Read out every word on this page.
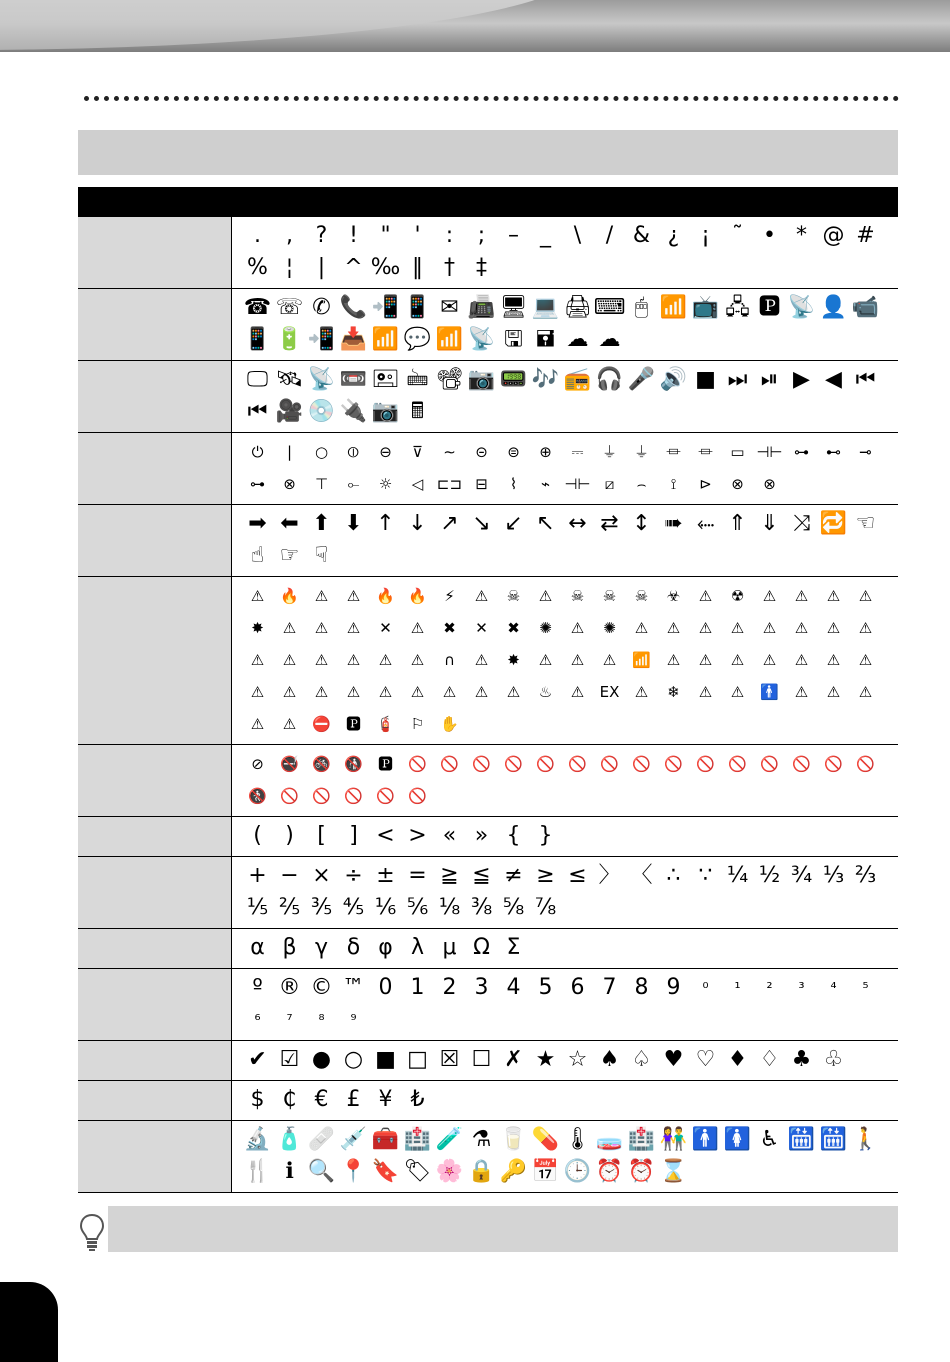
	. , ? ! " ' : ; – _ \ / & ¿ ¡ ˜ • * @ #% ¦ | ^ ‰ ‖ † ‡
	☎ ☏ ✆ 📞 📲 📱 ✉ 📠 🖥 💻 🖨⌨ 🖱 📶 📺 🖧 🅿 📡 👤 📹📱 🔋 📲 📥 📶 💬 📶 📡 🖫 🖬 ☁ ☁
	🖵 🛰 📡 📼 🖭 🖮 📽 📷 📟 🎶 📻 🎧 🎤 🔊 ■ ⏭ ⏯ ▶ ◀ ⏮⏮ 🎥 💿 🔌 📷 🖩
	⏻ | ○ ⦶ ⊖ ⊽ ∼ ⊝ ⊜ ⊕ ⎓ ⏚ ⏚ ⏛ ⏛ ▭ ⊣⊢ ⊶ ⊷ ⊸⊶ ⊗ ⊤ ⟜ ☼ ◁ ⊏⊐ ⊟ ⌇ ⌁ ⊣⊢ ⧄ ⌢ ⟟ ⊳ ⊗ ⊗
	➡ ⬅ ⬆ ⬇ ↑ ↓ ↗ ↘ ↙ ↖ ↔ ⇄ ↕ ➠ ⬸ ⇑ ⇓ ⤨ 🔁 ☜☝ ☞ ☟
	⚠ 🔥 ⚠ ⚠ 🔥 🔥 ⚡ ⚠ ☠ ⚠ ☠ ☠ ☠ ☣ ⚠ ☢ ⚠ ⚠ ⚠ ⚠✸ ⚠ ⚠ ⚠ ✕ ⚠ ✖ ✕ ✖ ✺ ⚠ ✺ ⚠ ⚠ ⚠ ⚠ ⚠ ⚠ ⚠ ⚠⚠ ⚠ ⚠ ⚠ ⚠ ⚠ ∩ ⚠ ✸ ⚠ ⚠ ⚠ 📶 ⚠ ⚠ ⚠ ⚠ ⚠ ⚠ ⚠⚠ ⚠ ⚠ ⚠ ⚠ ⚠ ⚠ ⚠ ⚠ ♨ ⚠ EX ⚠ ❄ ⚠ ⚠ 🚹 ⚠ ⚠ ⚠⚠ ⚠ ⛔ 🅿 🧯 ⚐ ✋
	⊘ 🚭 🚳 🚯 🅿 🚫 🚫 🚫 🚫 🚫 🚫 🚫 🚫 🚫 🚫 🚫 🚫 🚫 🚫 🚫🚷 🚫 🚫 🚫 🚫 🚫
	( ) [ ] < > « » { }
	+ − × ÷ ± = ≧ ≦ ≠ ≥ ≤ 〉 〈 ∴ ∵ ¼ ½ ¾ ⅓ ⅔⅕ ⅖ ⅗ ⅘ ⅙ ⅚ ⅛ ⅜ ⅝ ⅞
	α β γ δ φ λ μ Ω Σ
	º ® © ™ 0 1 2 3 4 5 6 7 8 9 ⁰ ¹ ² ³ ⁴ ⁵⁶ ⁷ ⁸ ⁹
	✔ ☑ ● ○ ■ □ ☒ ☐ ✗ ★ ☆ ♠ ♤ ♥ ♡ ♦ ♢ ♣ ♧
	$ ₵ € £ ¥ ₺
	🔬 🧴 🩹 💉 🧰 🏥 🧪 ⚗ 🥛 💊 🌡 🧫 🏥 👫 🚹 🚺 ♿ 🛗 🛗 🚶🍴 ℹ 🔍 📍 🔖 🏷 🌸 🔒 🔑 📅 🕒 ⏰ ⏰ ⌛
